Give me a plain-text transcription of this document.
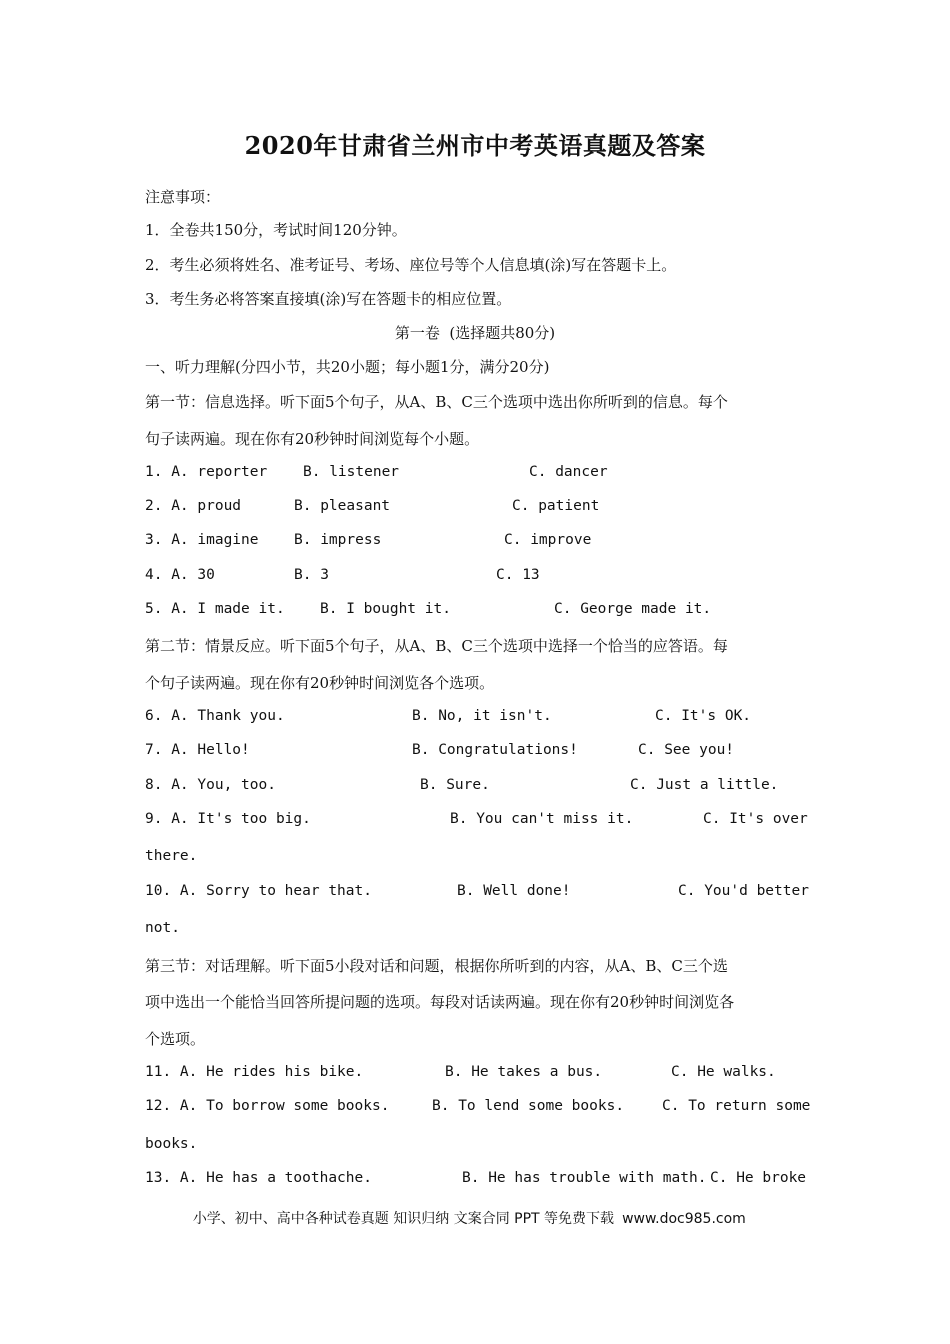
2020年甘肃省兰州市中考英语真题及答案
注意事项：
1．全卷共150分，考试时间120分钟。
2．考生必须将姓名、准考证号、考场、座位号等个人信息填(涂)写在答题卡上。
3．考生务必将答案直接填(涂)写在答题卡的相应位置。
第一卷  (选择题共80分)
一、听力理解(分四小节，共20小题；每小题1分，满分20分)
第一节：信息选择。听下面5个句子，从A、B、C三个选项中选出你所听到的信息。每个
句子读两遍。现在你有20秒钟时间浏览每个小题。
1. A. reporter B. listener	C. dancer
2. A. proud	B. pleasant	C. patient
3. A. imagine B. impress	C. improve
4. A. 30	B. 3	C. 13
5. A. I made it. B. I bought it.	C. George made it.
第二节：情景反应。听下面5个句子，从A、B、C三个选项中选择一个恰当的应答语。每
个句子读两遍。现在你有20秒钟时间浏览各个选项。
6. A. Thank you.	B. No, it isn't.	C. It's OK.
7. A. Hello!	B. Congratulations!	C. See you!
8. A. You, too.	B. Sure.	C. Just a little.
9. A. It's too big.	B. You can't miss it.	C. It's over
there.
10. A. Sorry to hear that.	B. Well done!	C. You'd better
not.
第三节：对话理解。听下面5小段对话和问题，根据你所听到的内容，从A、B、C三个选
项中选出一个能恰当回答所提问题的选项。每段对话读两遍。现在你有20秒钟时间浏览各
个选项。
11. A. He rides his bike.	B. He takes a bus.	C. He walks.
12. A. To borrow some books.	B. To lend some books.	C. To return some
books.
13. A. He has a toothache.	B. He has trouble with math. C. He broke

小学、初中、高中各种试卷真题 知识归纳 文案合同 PPT 等免费下载 www.doc985.com
